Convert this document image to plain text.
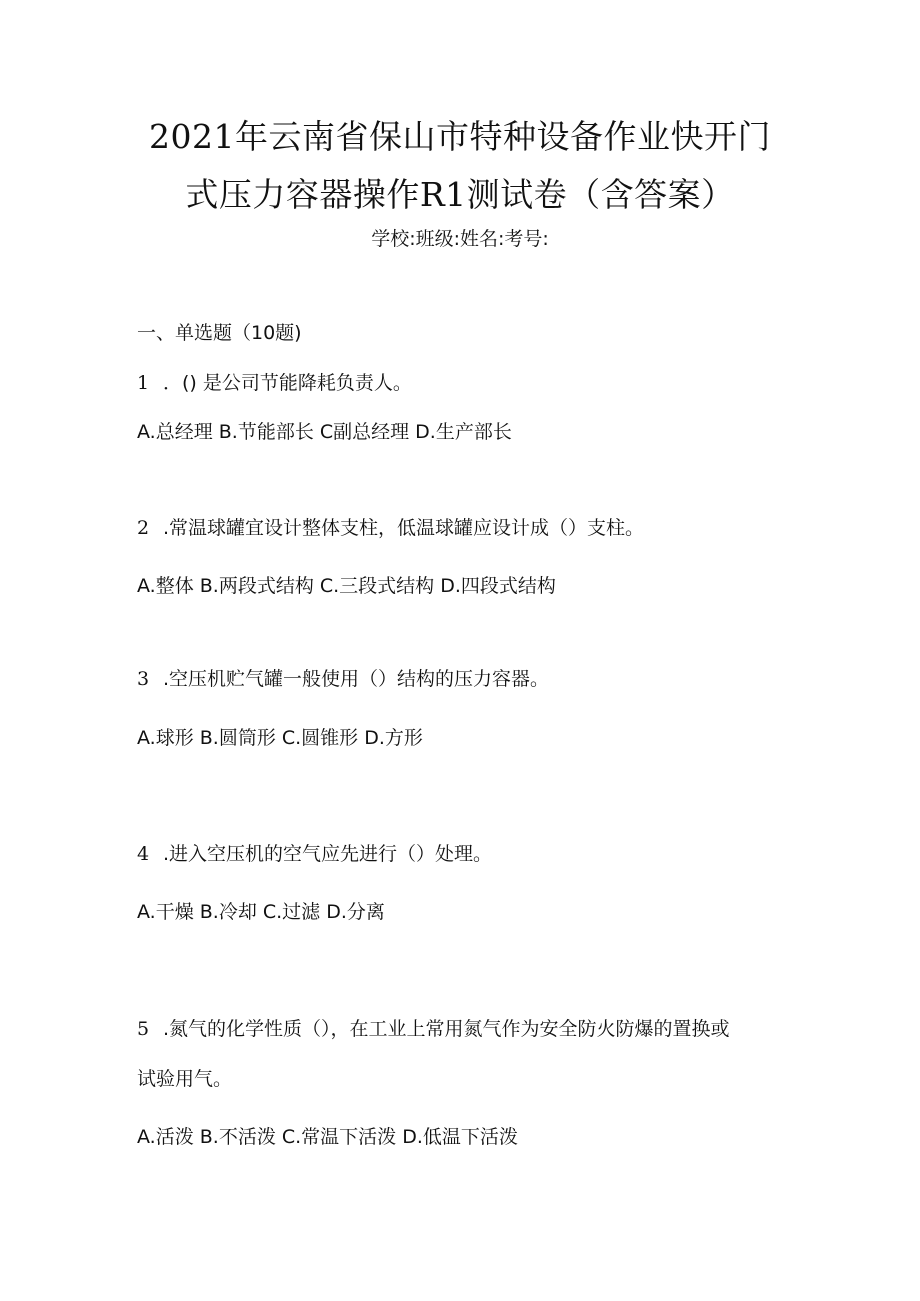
2021年云南省保山市特种设备作业快开门
式压力容器操作R1测试卷（含答案）
学校:班级:姓名:考号:
一、单选题（10题)
1 ．() 是公司节能降耗负责人。
A.总经理 B.节能部长 C副总经理 D.生产部长
2 .常温球罐宜设计整体支柱，低温球罐应设计成（）支柱。
A.整体 B.两段式结构 C.三段式结构 D.四段式结构
3 .空压机贮气罐一般使用（）结构的压力容器。
A.球形 B.圆筒形 C.圆锥形 D.方形
4 .进入空压机的空气应先进行（）处理。
A.干燥 B.冷却 C.过滤 D.分离
5 .氮气的化学性质（），在工业上常用氮气作为安全防火防爆的置换或
试验用气。
A.活泼 B.不活泼 C.常温下活泼 D.低温下活泼
